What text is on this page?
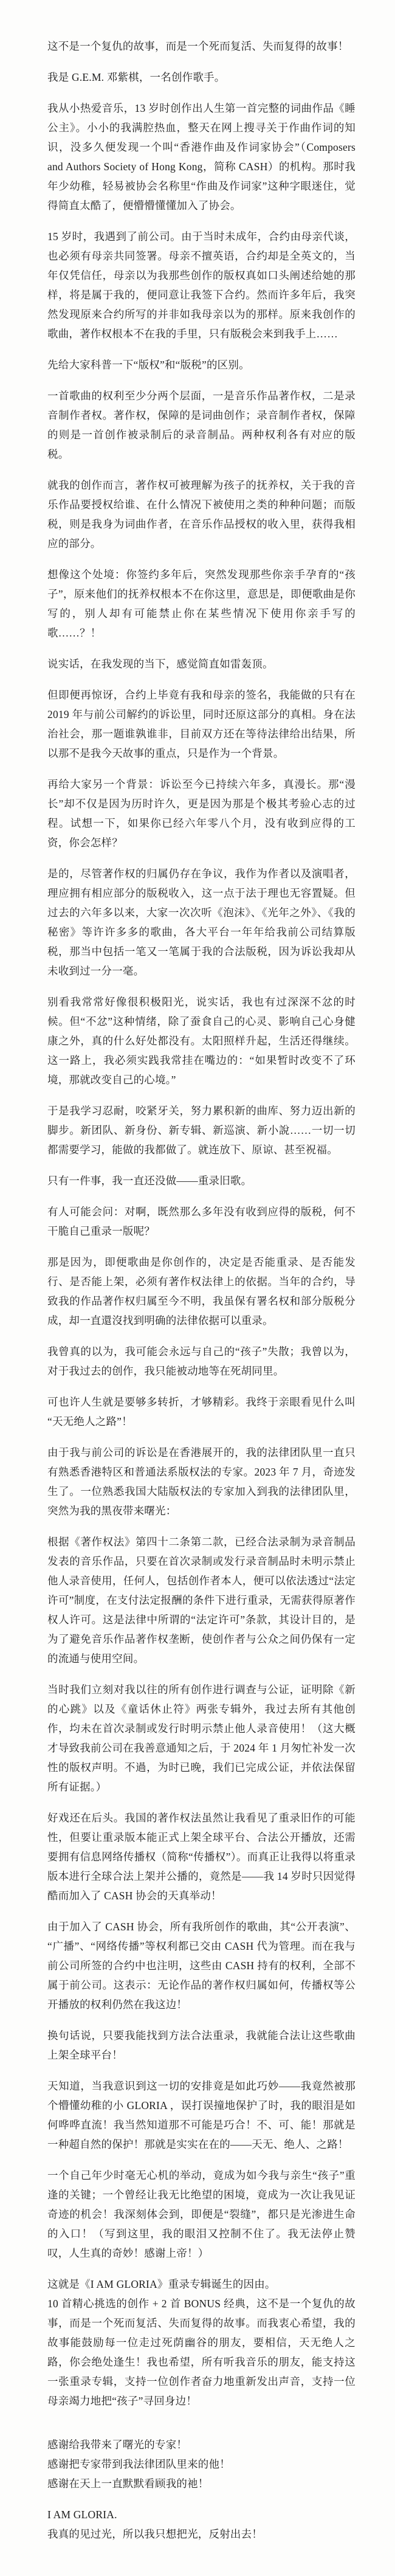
这不是一个复仇的故事，而是一个死而复活、失而复得的故事！

我是 G.E.M. 邓紫棋，一名创作歌手。

我从小热爱音乐，13 岁时创作出人生第一首完整的词曲作品《睡公主》。小小的我满腔热血，整天在网上搜寻关于作曲作词的知识，没多久便发现一个叫“香港作曲及作词家协会”（Composers and Authors Society of Hong Kong，简称 CASH）的机构。那时我年少幼稚，轻易被协会名称里“作曲及作词家”这种字眼迷住，觉得简直太酷了，便懵懵懂懂加入了协会。

15 岁时，我遇到了前公司。由于当时未成年，合约由母亲代谈，也必须有母亲共同签署。母亲不擅英语，合约却是全英文的，当年仅凭信任，母亲以为我那些创作的版权真如口头阐述给她的那样，将是属于我的，便同意让我签下合约。然而许多年后，我突然发现原来合约所写的并非如我母亲以为的那样。原来我创作的歌曲，著作权根本不在我的手里，只有版税会来到我手上……

先给大家科普一下“版权”和“版税”的区别。

一首歌曲的权利至少分两个层面，一是音乐作品著作权，二是录音制作者权。著作权，保障的是词曲创作；录音制作者权，保障的则是一首创作被录制后的录音制品。两种权利各有对应的版税。

就我的创作而言，著作权可被理解为孩子的抚养权，关于我的音乐作品要授权给谁、在什么情况下被使用之类的种种问题；而版税，则是我身为词曲作者，在音乐作品授权的收入里，获得我相应的部分。

想像这个处境：你签约多年后，突然发现那些你亲手孕育的“孩子”，原来他们的抚养权根本不在你这里，意思是，即便歌曲是你写的，别人却有可能禁止你在某些情况下使用你亲手写的歌……？！

说实话，在我发现的当下，感觉简直如雷轰顶。

但即便再惊讶，合约上毕竟有我和母亲的签名，我能做的只有在 2019 年与前公司解约的诉讼里，同时还原这部分的真相。身在法治社会，那一题谁孰谁非，目前双方还在等待法律给出结果，所以那不是我今天故事的重点，只是作为一个背景。

再给大家另一个背景：诉讼至今已持续六年多，真漫长。那“漫长”却不仅是因为历时许久，更是因为那是个极其考验心志的过程。试想一下，如果你已经六年零八个月，没有收到应得的工资，你会怎样？

是的，尽管著作权的归属仍存在争议，我作为作者以及演唱者，理应拥有相应部分的版税收入，这一点于法于理也无容置疑。但过去的六年多以来，大家一次次听《泡沫》、《光年之外》、《我的秘密》等许许多多的歌曲，各大平台一年年给我前公司结算版税，那当中包括一笔又一笔属于我的合法版税，因为诉讼我却从未收到过一分一毫。

别看我常常好像很积极阳光，说实话，我也有过深深不忿的时候。但“不忿”这种情绪，除了蚕食自己的心灵、影响自己心身健康之外，真的什么好处都没有。太阳照样升起，生活还得继续。这一路上，我必须实践我常挂在嘴边的：“如果暂时改变不了环境，那就改变自己的心境。”

于是我学习忍耐，咬紧牙关，努力累积新的曲库、努力迈出新的脚步。新团队、新身份、新专辑、新巡演、新小說……一切一切都需要学习，能做的我都做了。就连放下、原谅、甚至祝福。

只有一件事，我一直还没做——重录旧歌。

有人可能会问：对啊，既然那么多年没有收到应得的版税，何不干脆自己重录一版呢？

那是因为，即便歌曲是你创作的，决定是否能重录、是否能发行、是否能上架，必须有著作权法律上的依据。当年的合约，导致我的作品著作权归属至今不明，我虽保有署名权和部分版税分成，却一直還沒找到明确的法律依据可以重录。

我曾真的以为，我可能会永远与自己的“孩子”失散；我曾以为，对于我过去的创作，我只能被动地等在死胡同里。

可也许人生就是要够多转折，才够精彩。我终于亲眼看见什么叫“天无绝人之路”！

由于我与前公司的诉讼是在香港展开的，我的法律团队里一直只有熟悉香港特区和普通法系版权法的专家。2023 年 7 月，奇迹发生了。一位熟悉我国大陆版权法的专家加入到我的法律团队里，突然为我的黑夜带来曙光：

根据《著作权法》第四十二条第二款，已经合法录制为录音制品发表的音乐作品，只要在首次录制或发行录音制品时未明示禁止他人录音使用，任何人，包括创作者本人，便可以依法透过“法定许可”制度，在支付法定报酬的条件下进行重录，无需获得原著作权人许可。这是法律中所谓的“法定许可”条款，其设计目的，是为了避免音乐作品著作权垄断，使创作者与公众之间仍保有一定的流通与使用空间。

当时我们立刻对我以往的所有创作进行调查与公证，证明除《新的心跳》以及《童话休止符》两张专辑外，我过去所有其他创作，均未在首次录制或发行时明示禁止他人录音使用！（这大概才导致我前公司在我善意通知之后，于 2024 年 1 月匆忙补发一次性的版权声明。不過，为时已晚，我们已完成公证，并依法保留所有证据。）

好戏还在后头。我国的著作权法虽然让我看见了重录旧作的可能性，但要让重录版本能正式上架全球平台、合法公开播放，还需要拥有信息网络传播权（简称“传播权”）。而真正让我得以将重录版本进行全球合法上架并公播的，竟然是——我 14 岁时只因觉得酷而加入了 CASH 协会的天真举动！

由于加入了 CASH 协会，所有我所创作的歌曲，其“公开表演”、“广播”、“网络传播”等权利都已交由 CASH 代为管理。而在我与前公司所签的合约中也注明，这些由 CASH 持有的权利，全部不属于前公司。这表示：无论作品的著作权归属如何，传播权等公开播放的权利仍然在我这边！

换句话说，只要我能找到方法合法重录，我就能合法让这些歌曲上架全球平台！

天知道，当我意识到这一切的安排竟是如此巧妙——我竟然被那个懵懂幼稚的小 GLORIA ，误打误撞地保护了时，我的眼泪是如何哗哗直流！我当然知道那不可能是巧合！不、可、能！那就是一种超自然的保护！那就是实实在在的——天无、绝人、之路！

一个自己年少时毫无心机的举动，竟成为如今我与亲生“孩子”重逢的关键；一个曾经让我无比绝望的困境，竟成为一次让我见证奇迹的机会！我深刻体会到，即便是“裂缝”，都只是光渗进生命的入口！（写到这里，我的眼泪又控制不住了。我无法停止赞叹，人生真的奇妙！感谢上帝！）

这就是《I AM GLORIA》重录专辑诞生的因由。

10 首精心挑选的创作 + 2 首 BONUS 经典，这不是一个复仇的故事，而是一个死而复活、失而复得的故事。而我衷心希望，我的故事能鼓励每一位走过死荫幽谷的朋友，要相信，天无绝人之路，你会绝处逢生！我也希望，所有听我音乐的朋友，能支持这一张重录专辑，支持一位创作者奋力地重新发出声音，支持一位母亲竭力地把“孩子”寻回身边！

感谢给我带来了曙光的专家！

感谢把专家带到我法律团队里来的他！

感谢在天上一直默默看顾我的祂！

I AM GLORIA.

我真的见过光，所以我只想把光，反射出去！
